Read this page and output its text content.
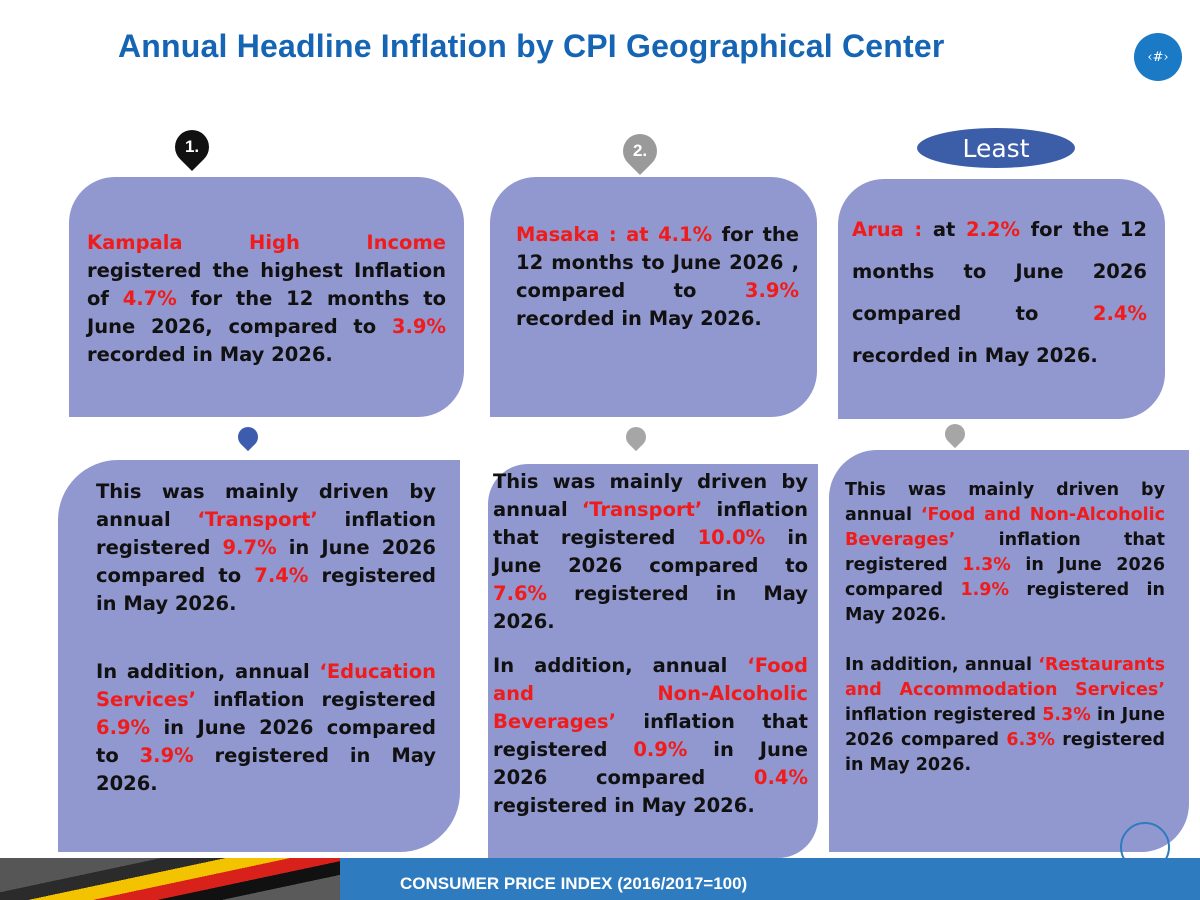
Annual Headline Inflation by CPI Geographical Center	‹#›
1.	2.	Least

Kampala High Income registered the highest Inflation of 4.7% for the 12 months to June 2026, compared to 3.9% recorded in May 2026.

Masaka : at 4.1% for the 12 months to June 2026 , compared to 3.9% recorded in May 2026.

Arua : at 2.2% for the 12 months to June 2026 compared to 2.4% recorded in May 2026.

This was mainly driven by annual ‘Transport’ inflation registered 9.7% in June 2026 compared to 7.4% registered in May 2026.

In addition, annual ‘Education Services’ inflation registered 6.9% in June 2026 compared to 3.9% registered in May 2026.

This was mainly driven by annual ‘Transport’ inflation that registered 10.0% in June 2026 compared to 7.6% registered in May 2026.

In addition, annual ‘Food and Non-Alcoholic Beverages’ inflation that registered 0.9% in June 2026 compared 0.4% registered in May 2026.

This was mainly driven by annual ‘Food and Non-Alcoholic Beverages’ inflation that registered 1.3% in June 2026 compared 1.9% registered in May 2026.

In addition, annual ‘Restaurants and Accommodation Services’ inflation registered 5.3% in June 2026 compared 6.3% registered in May 2026.

CONSUMER PRICE INDEX (2016/2017=100)
